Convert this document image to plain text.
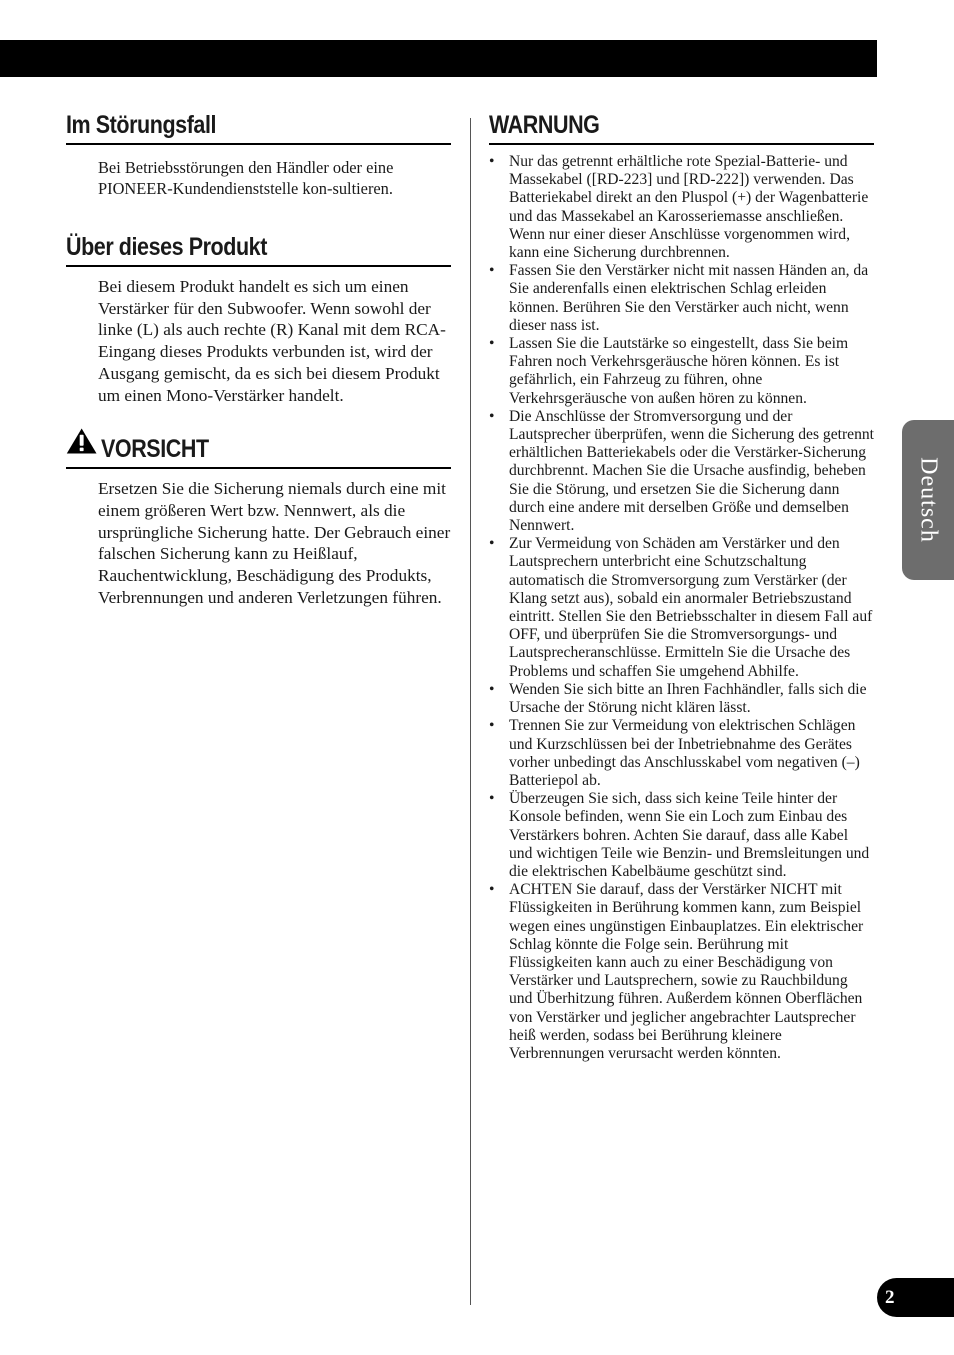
Im Störungsfall

Bei Betriebsstörungen den Händler oder eine PIONEER-Kundendienststelle kon-sultieren.

Über dieses Produkt

Bei diesem Produkt handelt es sich um einen Verstärker für den Subwoofer. Wenn sowohl der linke (L) als auch rechte (R) Kanal mit dem RCA-Eingang dieses Produkts verbunden ist, wird der Ausgang gemischt, da es sich bei diesem Produkt um einen Mono-Verstärker handelt.

VORSICHT

Ersetzen Sie die Sicherung niemals durch eine mit einem größeren Wert bzw. Nennwert, als die ursprüngliche Sicherung hatte. Der Gebrauch einer falschen Sicherung kann zu Heißlauf, Rauchentwicklung, Beschädigung des Produkts, Verbrennungen und anderen Verletzungen führen.

WARNUNG
• Nur das getrennt erhältliche rote Spezial-Batterie- und Massekabel ([RD-223] und [RD-222]) verwenden. Das Batteriekabel direkt an den Pluspol (+) der Wagenbatterie und das Massekabel an Karosseriemasse anschließen. Wenn nur einer dieser Anschlüsse vorgenommen wird, kann eine Sicherung durchbrennen.
• Fassen Sie den Verstärker nicht mit nassen Händen an, da Sie anderenfalls einen elektrischen Schlag erleiden können. Berühren Sie den Verstärker auch nicht, wenn dieser nass ist.
• Lassen Sie die Lautstärke so eingestellt, dass Sie beim Fahren noch Verkehrsgeräusche hören können. Es ist gefährlich, ein Fahrzeug zu führen, ohne Verkehrsgeräusche von außen hören zu können.
• Die Anschlüsse der Stromversorgung und der Lautsprecher überprüfen, wenn die Sicherung des getrennt erhältlichen Batteriekabels oder die Verstärker-Sicherung durchbrennt. Machen Sie die Ursache ausfindig, beheben Sie die Störung, und ersetzen Sie die Sicherung dann durch eine andere mit derselben Größe und demselben Nennwert.
• Zur Vermeidung von Schäden am Verstärker und den Lautsprechern unterbricht eine Schutzschaltung automatisch die Stromversorgung zum Verstärker (der Klang setzt aus), sobald ein anormaler Betriebszustand eintritt. Stellen Sie den Betriebsschalter in diesem Fall auf OFF, und überprüfen Sie die Stromversorgungs- und Lautsprecheranschlüsse. Ermitteln Sie die Ursache des Problems und schaffen Sie umgehend Abhilfe.
• Wenden Sie sich bitte an Ihren Fachhändler, falls sich die Ursache der Störung nicht klären lässt.
• Trennen Sie zur Vermeidung von elektrischen Schlägen und Kurzschlüssen bei der Inbetriebnahme des Gerätes vorher unbedingt das Anschlusskabel vom negativen (–) Batteriepol ab.
• Überzeugen Sie sich, dass sich keine Teile hinter der Konsole befinden, wenn Sie ein Loch zum Einbau des Verstärkers bohren. Achten Sie darauf, dass alle Kabel und wichtigen Teile wie Benzin- und Bremsleitungen und die elektrischen Kabelbäume geschützt sind.
• ACHTEN Sie darauf, dass der Verstärker NICHT mit Flüssigkeiten in Berührung kommen kann, zum Beispiel wegen eines ungünstigen Einbauplatzes. Ein elektrischer Schlag könnte die Folge sein. Berührung mit Flüssigkeiten kann auch zu einer Beschädigung von Verstärker und Lautsprechern, sowie zu Rauchbildung und Überhitzung führen. Außerdem können Oberflächen von Verstärker und jeglicher angebrachter Lautsprecher heiß werden, sodass bei Berührung kleinere Verbrennungen verursacht werden könnten.
Deutsch
2
